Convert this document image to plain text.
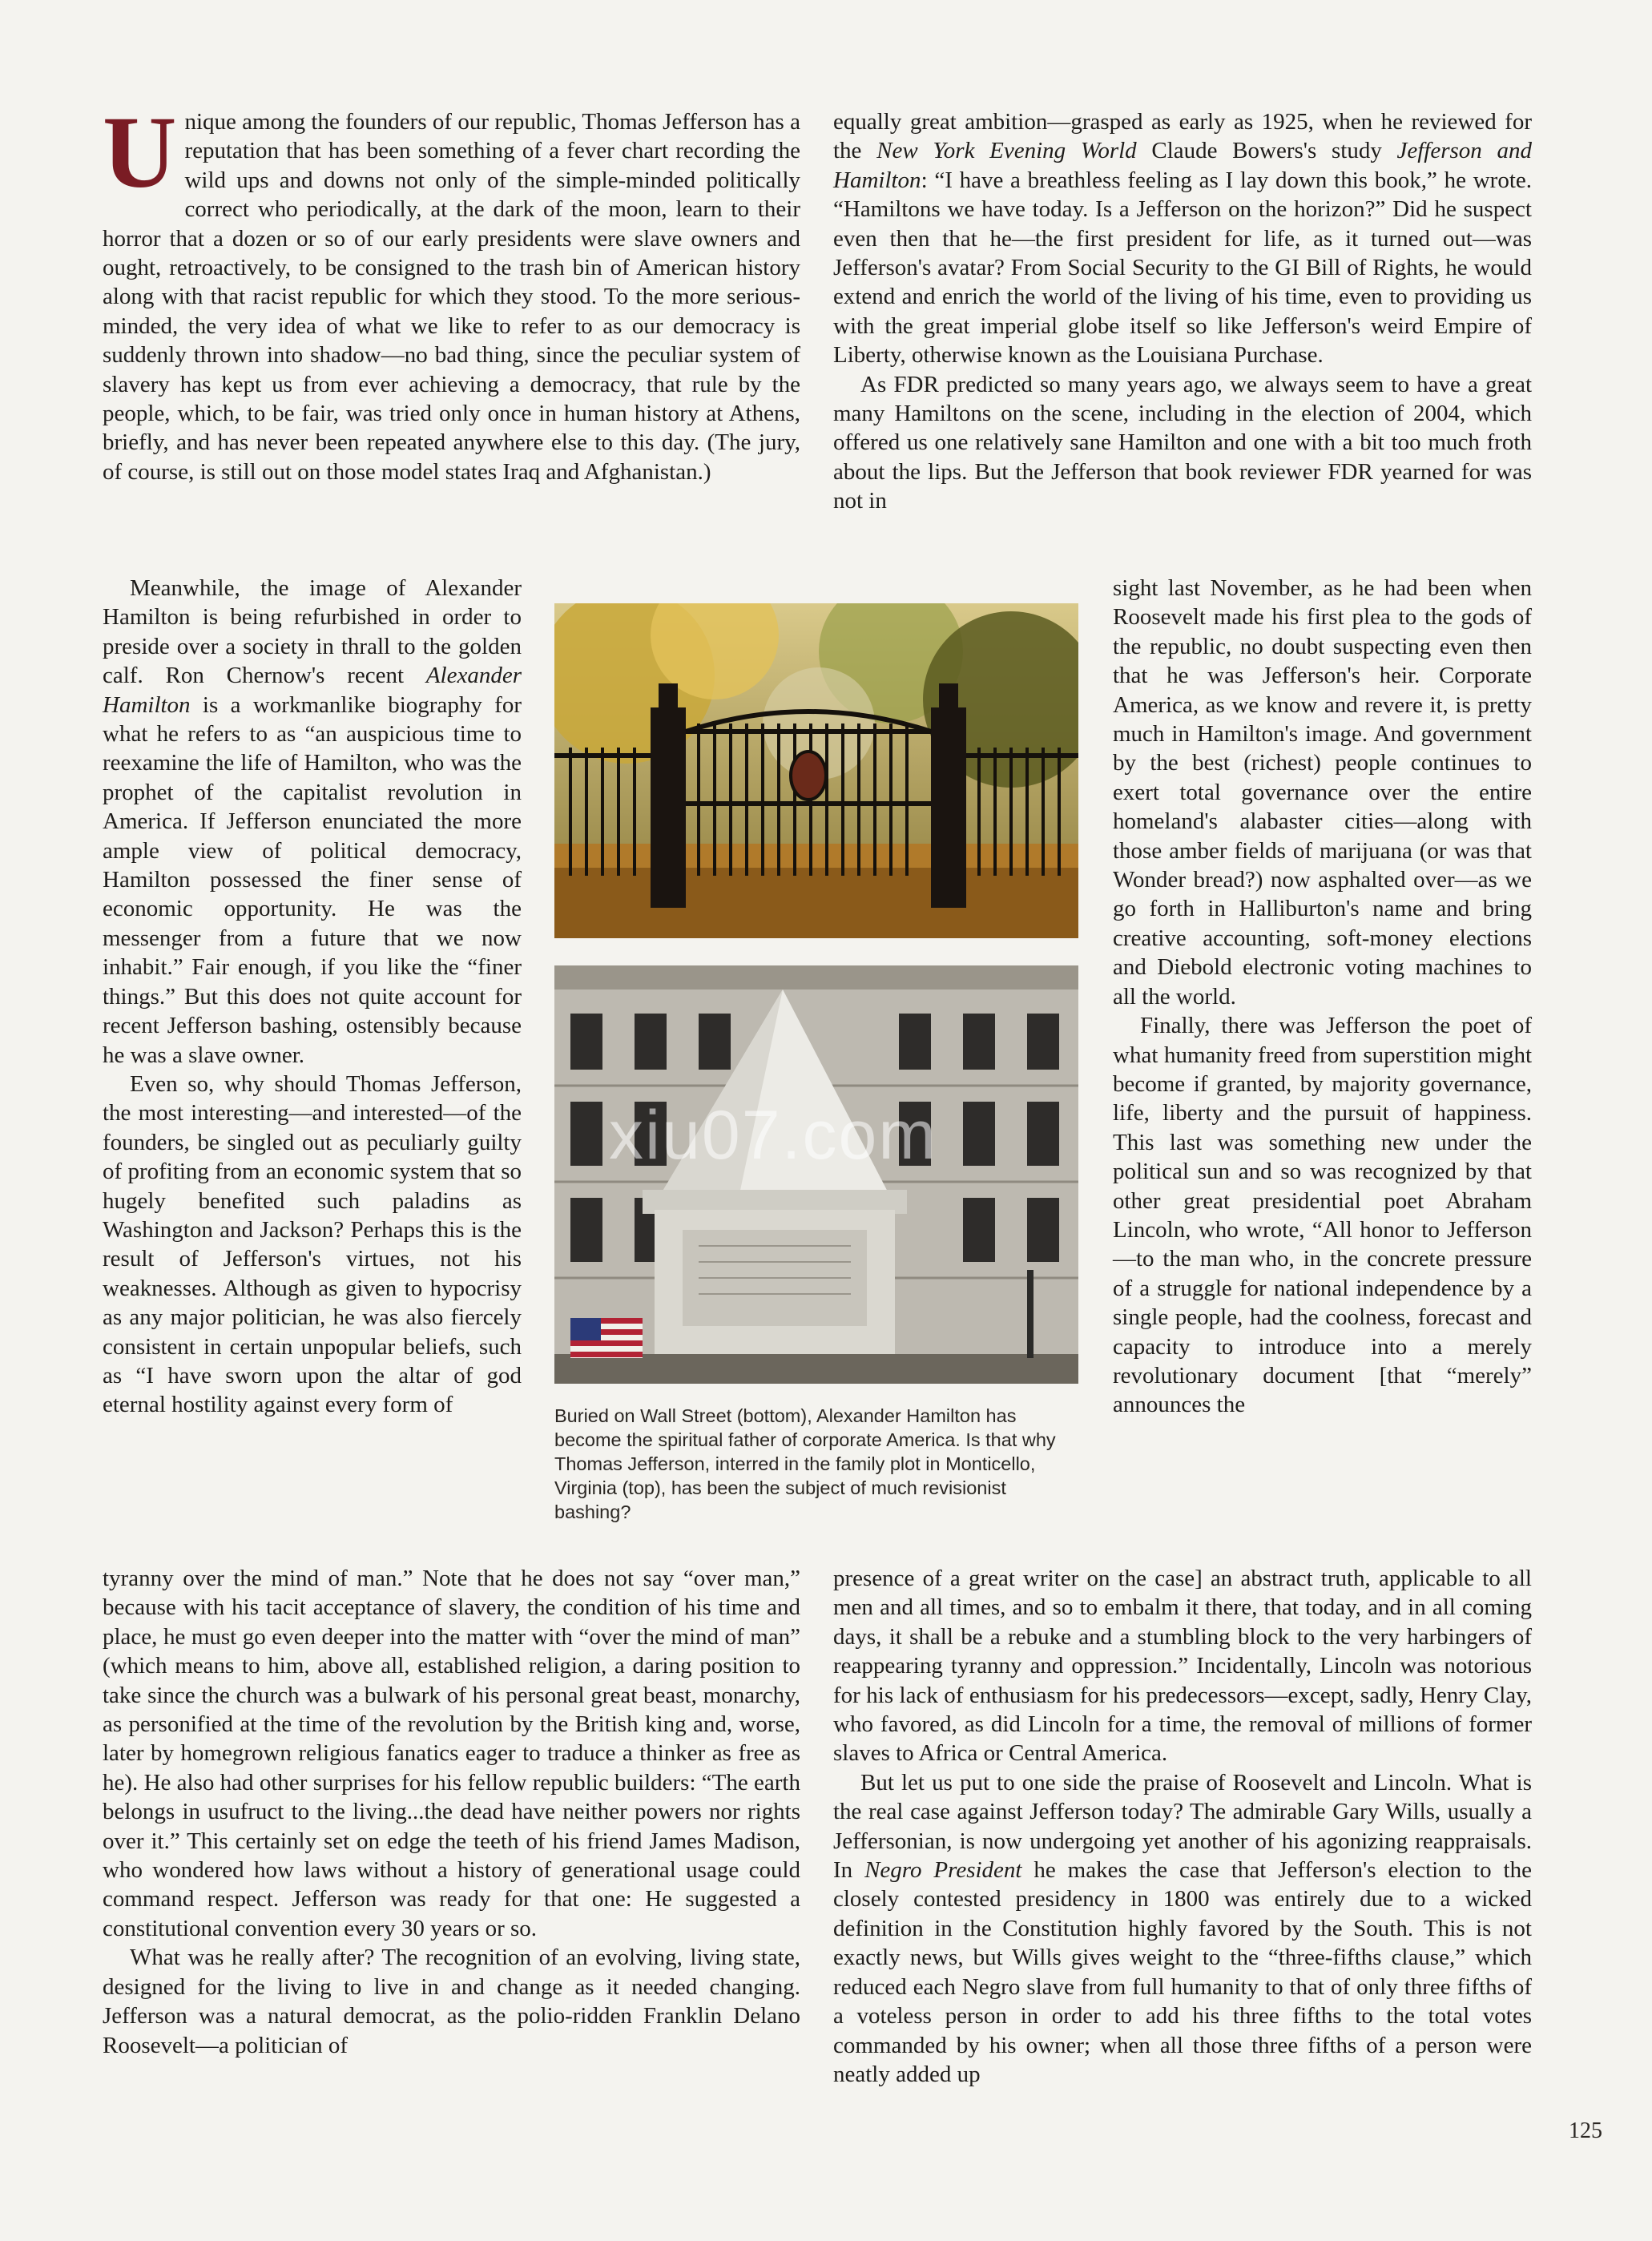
Unique among the founders of our republic, Thomas Jefferson has a reputation that has been something of a fever chart recording the wild ups and downs not only of the simple-minded politically correct who periodically, at the dark of the moon, learn to their horror that a dozen or so of our early presidents were slave owners and ought, retroactively, to be consigned to the trash bin of American history along with that racist republic for which they stood. To the more serious-minded, the very idea of what we like to refer to as our democracy is suddenly thrown into shadow—no bad thing, since the peculiar system of slavery has kept us from ever achieving a democracy, that rule by the people, which, to be fair, was tried only once in human history at Athens, briefly, and has never been repeated anywhere else to this day. (The jury, of course, is still out on those model states Iraq and Afghanistan.)

Meanwhile, the image of Alexander Hamilton is being refurbished in order to preside over a society in thrall to the golden calf. Ron Chernow's recent Alexander Hamilton is a workmanlike biography for what he refers to as “an auspicious time to reexamine the life of Hamilton, who was the prophet of the capitalist revolution in America. If Jefferson enunciated the more ample view of political democracy, Hamilton possessed the finer sense of economic opportunity. He was the messenger from a future that we now inhabit.” Fair enough, if you like the “finer things.” But this does not quite account for recent Jefferson bashing, ostensibly because he was a slave owner.

Even so, why should Thomas Jefferson, the most interesting—and interested—of the founders, be singled out as peculiarly guilty of profiting from an economic system that so hugely benefited such paladins as Washington and Jackson? Perhaps this is the result of Jefferson's virtues, not his weaknesses. Although as given to hypocrisy as any major politician, he was also fiercely consistent in certain unpopular beliefs, such as “I have sworn upon the altar of god eternal hostility against every form of

tyranny over the mind of man.” Note that he does not say “over man,” because with his tacit acceptance of slavery, the condition of his time and place, he must go even deeper into the matter with “over the mind of man” (which means to him, above all, established religion, a daring position to take since the church was a bulwark of his personal great beast, monarchy, as personified at the time of the revolution by the British king and, worse, later by homegrown religious fanatics eager to traduce a thinker as free as he). He also had other surprises for his fellow republic builders: “The earth belongs in usufruct to the living...the dead have neither powers nor rights over it.” This certainly set on edge the teeth of his friend James Madison, who wondered how laws without a history of generational usage could command respect. Jefferson was ready for that one: He suggested a constitutional convention every 30 years or so.

What was he really after? The recognition of an evolving, living state, designed for the living to live in and change as it needed changing. Jefferson was a natural democrat, as the polio-ridden Franklin Delano Roosevelt—a politician of

equally great ambition—grasped as early as 1925, when he reviewed for the New York Evening World Claude Bowers's study Jefferson and Hamilton: “I have a breathless feeling as I lay down this book,” he wrote. “Hamiltons we have today. Is a Jefferson on the horizon?” Did he suspect even then that he—the first president for life, as it turned out—was Jefferson's avatar? From Social Security to the GI Bill of Rights, he would extend and enrich the world of the living of his time, even to providing us with the great imperial globe itself so like Jefferson's weird Empire of Liberty, otherwise known as the Louisiana Purchase.

As FDR predicted so many years ago, we always seem to have a great many Hamiltons on the scene, including in the election of 2004, which offered us one relatively sane Hamilton and one with a bit too much froth about the lips. But the Jefferson that book reviewer FDR yearned for was not in

sight last November, as he had been when Roosevelt made his first plea to the gods of the republic, no doubt suspecting even then that he was Jefferson's heir. Corporate America, as we know and revere it, is pretty much in Hamilton's image. And government by the best (richest) people continues to exert total governance over the entire homeland's alabaster cities—along with those amber fields of marijuana (or was that Wonder bread?) now asphalted over—as we go forth in Halliburton's name and bring creative accounting, soft-money elections and Diebold electronic voting machines to all the world.

Finally, there was Jefferson the poet of what humanity freed from superstition might become if granted, by majority governance, life, liberty and the pursuit of happiness. This last was something new under the political sun and so was recognized by that other great presidential poet Abraham Lincoln, who wrote, “All honor to Jefferson—to the man who, in the concrete pressure of a struggle for national independence by a single people, had the coolness, forecast and capacity to introduce into a merely revolutionary document [that “merely” announces the

presence of a great writer on the case] an abstract truth, applicable to all men and all times, and so to embalm it there, that today, and in all coming days, it shall be a rebuke and a stumbling block to the very harbingers of reappearing tyranny and oppression.” Incidentally, Lincoln was notorious for his lack of enthusiasm for his predecessors—except, sadly, Henry Clay, who favored, as did Lincoln for a time, the removal of millions of former slaves to Africa or Central America.

But let us put to one side the praise of Roosevelt and Lincoln. What is the real case against Jefferson today? The admirable Gary Wills, usually a Jeffersonian, is now undergoing yet another of his agonizing reappraisals. In Negro President he makes the case that Jefferson's election to the closely contested presidency in 1800 was entirely due to a wicked definition in the Constitution highly favored by the South. This is not exactly news, but Wills gives weight to the “three-fifths clause,” which reduced each Negro slave from full humanity to that of only three fifths of a voteless person in order to add his three fifths to the total votes commanded by his owner; when all those three fifths of a person were neatly added up

xiu07.com
Buried on Wall Street (bottom), Alexander Hamilton has become the spiritual father of corporate America. Is that why Thomas Jefferson, interred in the family plot in Monticello, Virginia (top), has been the subject of much revisionist bashing?
125
